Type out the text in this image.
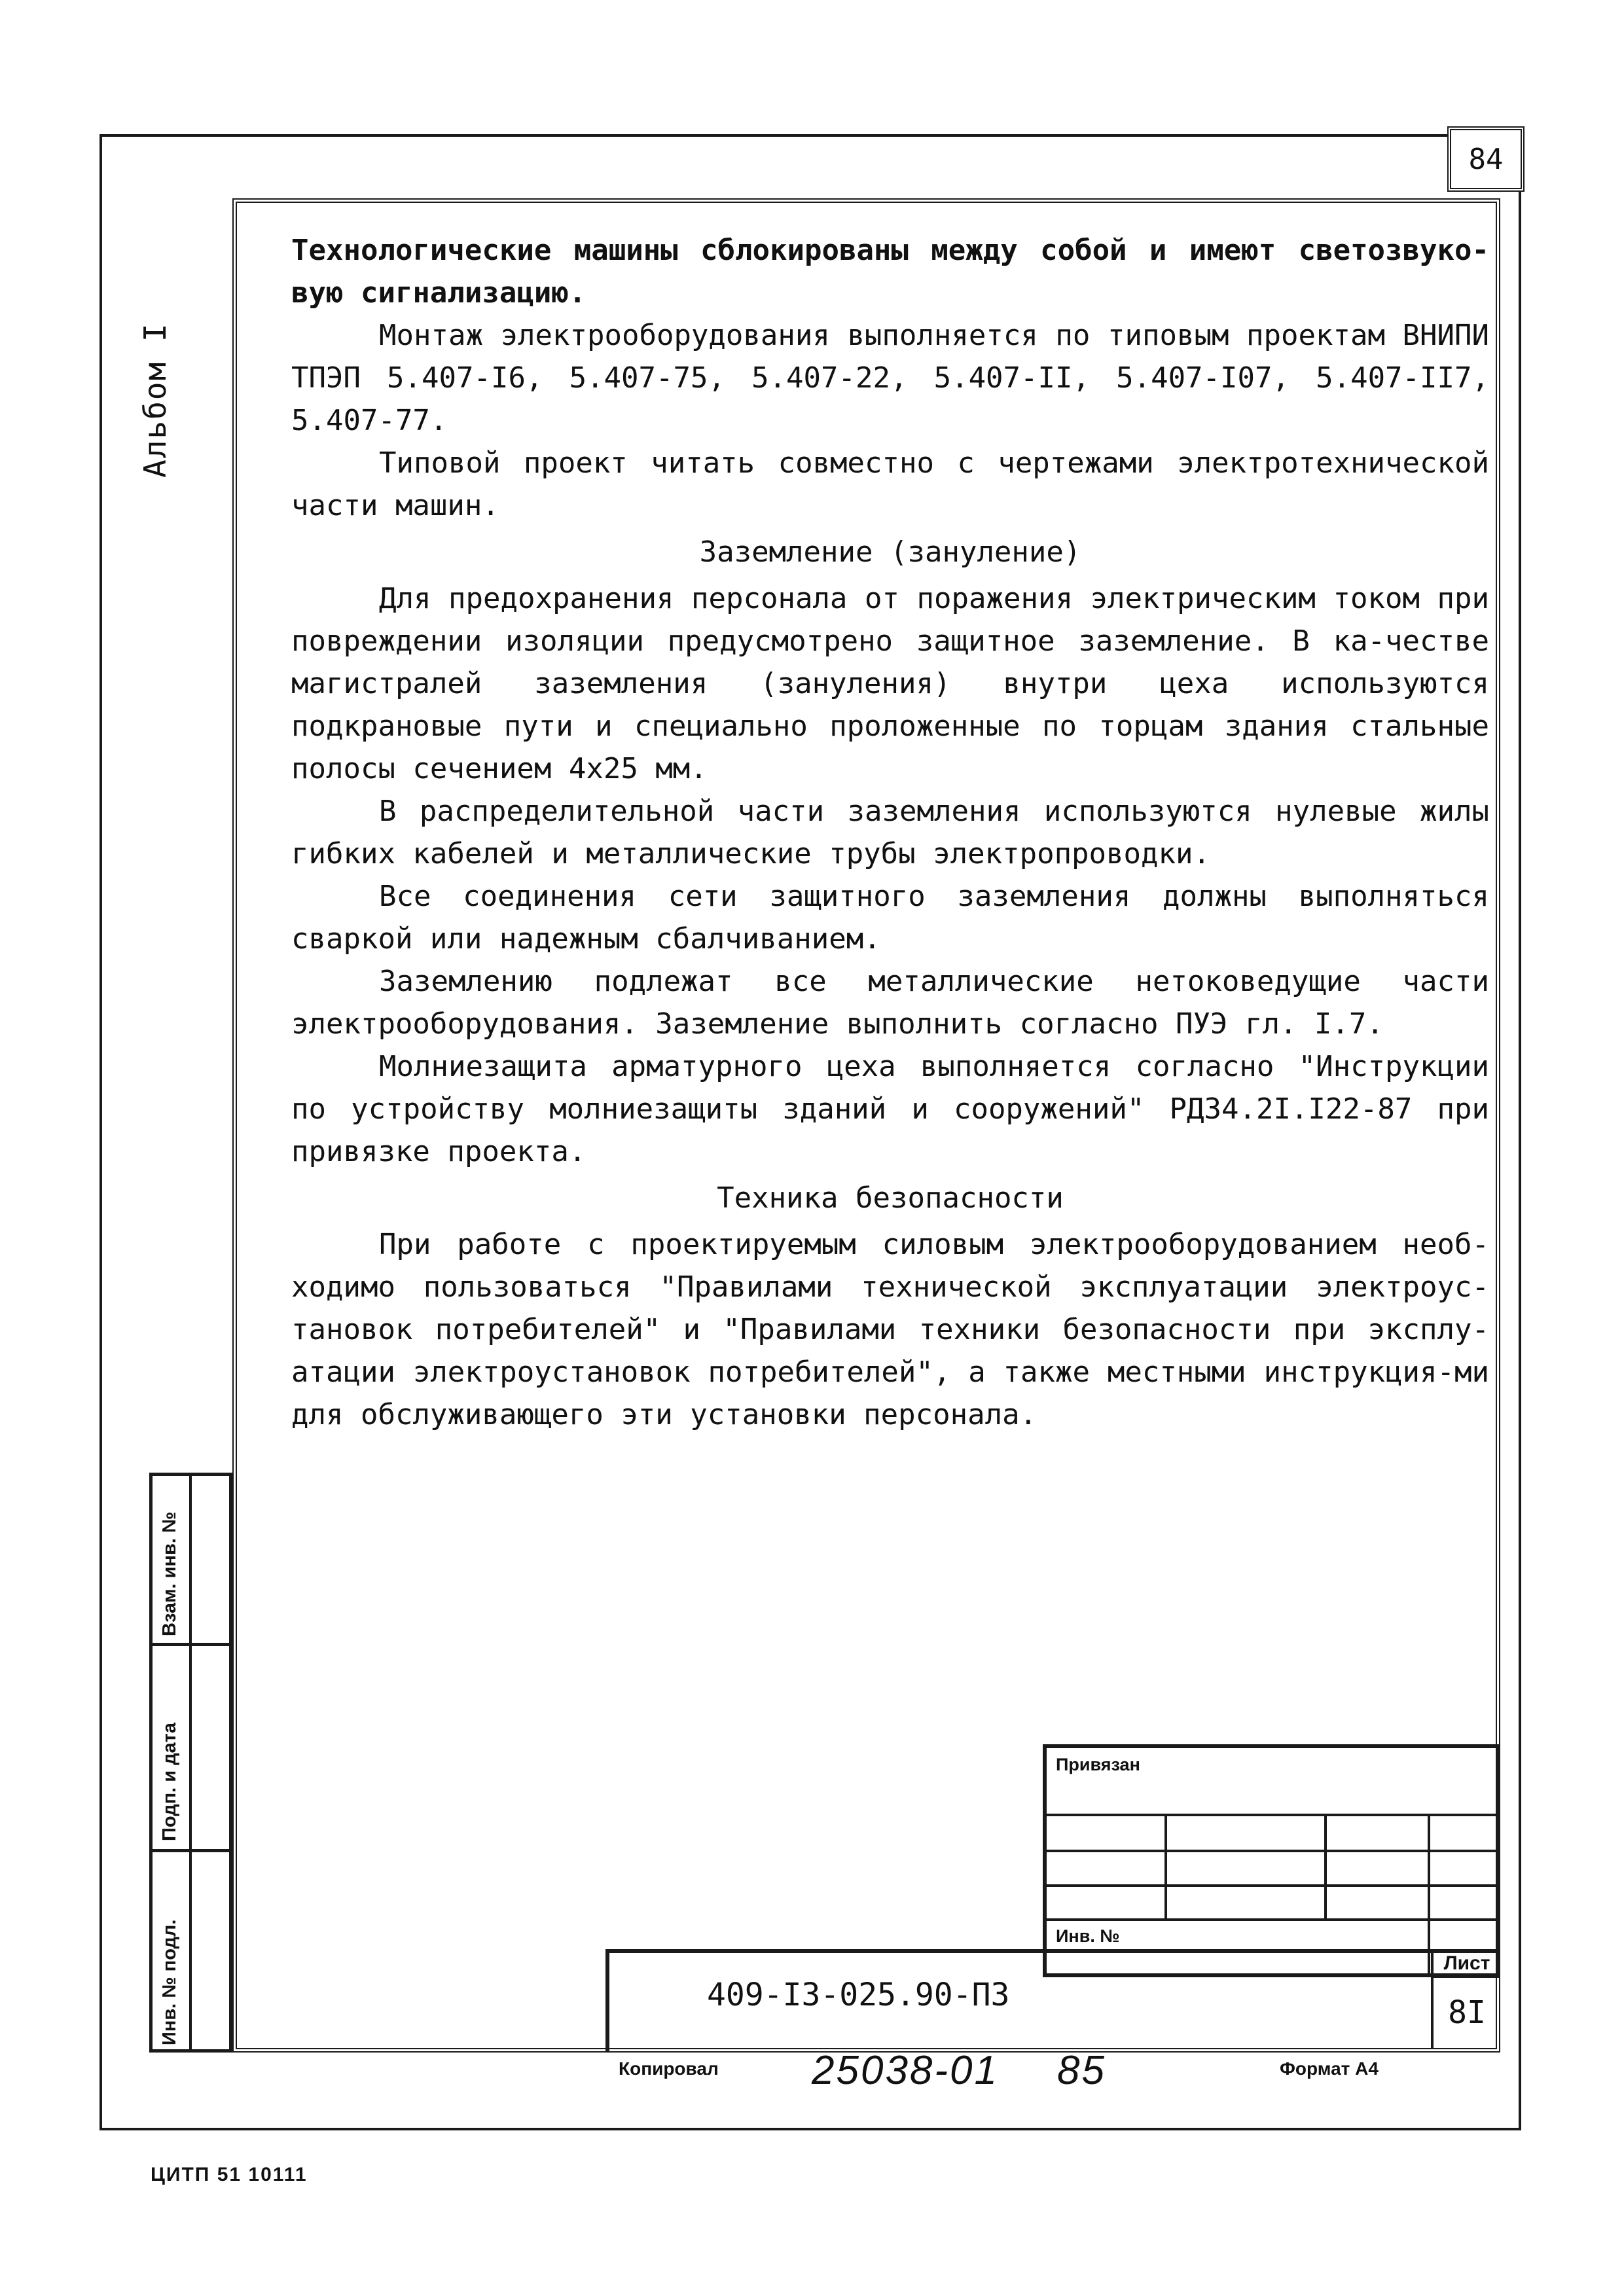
84
Альбом I
Взам. инв. №
Подп. и дата
Инв. № подл.

Технологические машины сблокированы между собой и имеют светозвуко-вую сигнализацию.

Монтаж электрооборудования выполняется по типовым проектам ВНИПИ ТПЭП 5.407-I6, 5.407-75, 5.407-22, 5.407-II, 5.407-I07, 5.407-II7, 5.407-77.

Типовой проект читать совместно с чертежами электротехнической части машин.

Заземление (зануление)

Для предохранения персонала от поражения электрическим током при повреждении изоляции предусмотрено защитное заземление. В ка-честве магистралей заземления (зануления) внутри цеха используются подкрановые пути и специально проложенные по торцам здания стальные полосы сечением 4x25 мм.

В распределительной части заземления используются нулевые жилы гибких кабелей и металлические трубы электропроводки.

Все соединения сети защитного заземления должны выполняться сваркой или надежным сбалчиванием.

Заземлению подлежат все металлические нетоковедущие части электрооборудования. Заземление выполнить согласно ПУЭ гл. I.7.

Молниезащита арматурного цеха выполняется согласно "Инструкции по устройству молниезащиты зданий и сооружений" РД34.2I.I22-87 при привязке проекта.

Техника безопасности

При работе с проектируемым силовым электрооборудованием необ-ходимо пользоваться "Правилами технической эксплуатации электроус-тановок потребителей" и "Правилами техники безопасности при эксплу-атации электроустановок потребителей", а также местными инструкция-ми для обслуживающего эти установки персонала.

Привязан
Инв. №
409-I3-025.90-ПЗ
Лист
8I
Копировал 25038-01 85	Формат А4
ЦИТП 51 10111
